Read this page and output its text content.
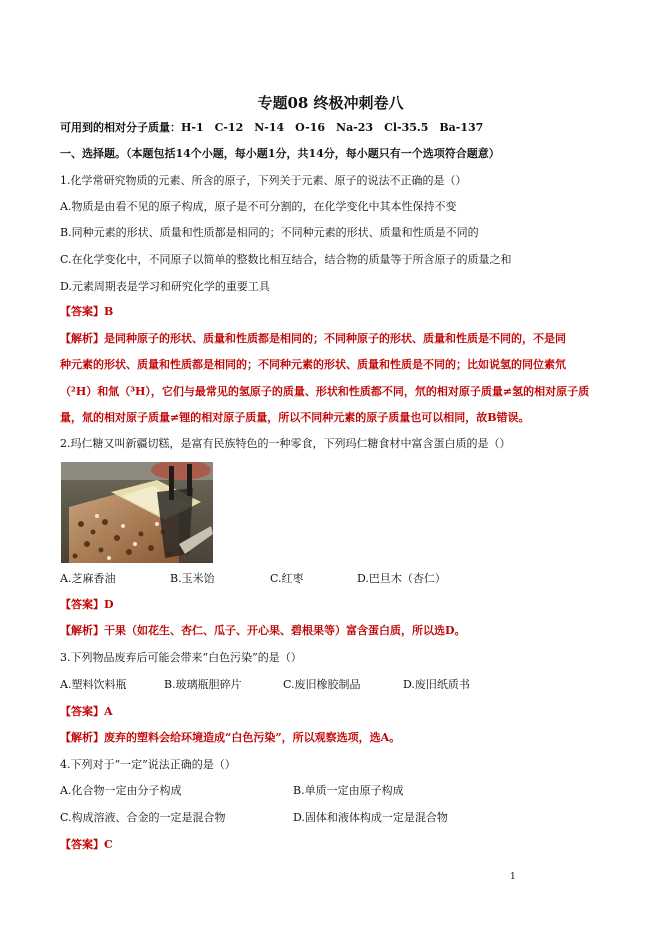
专题08 终极冲刺卷八
可用到的相对分子质量：H-1　C-12　N-14　O-16　Na-23　Cl-35.5　Ba-137
一、选择题。（本题包括14个小题，每小题1分，共14分，每小题只有一个选项符合题意）
1.化学常研究物质的元素、所含的原子，下列关于元素、原子的说法不正确的是（）
A.物质是由看不见的原子构成，原子是不可分割的，在化学变化中其本性保持不变
B.同种元素的形状、质量和性质都是相同的；不同种元素的形状、质量和性质是不同的
C.在化学变化中，不同原子以简单的整数比相互结合，结合物的质量等于所含原子的质量之和
D.元素周期表是学习和研究化学的重要工具
【答案】B
【解析】是同种原子的形状、质量和性质都是相同的；不同种原子的形状、质量和性质是不同的，不是同
种元素的形状、质量和性质都是相同的；不同种元素的形状、质量和性质是不同的；比如说氢的同位素氘
（²H）和氚（³H），它们与最常见的氢原子的质量、形状和性质都不同，氘的相对原子质量≠氢的相对原子质
量，氚的相对原子质量≠锂的相对原子质量，所以不同种元素的原子质量也可以相同，故B错误。
2.玛仁糖又叫新疆切糕，是富有民族特色的一种零食，下列玛仁糖食材中富含蛋白质的是（）
A.芝麻香油	B.玉米饴	C.红枣	D.巴旦木（杏仁）
【答案】D
【解析】干果（如花生、杏仁、瓜子、开心果、碧根果等）富含蛋白质，所以选D。
3.下列物品废弃后可能会带来“白色污染”的是（）
A.塑料饮料瓶	B.玻璃瓶胆碎片	C.废旧橡胶制品	D.废旧纸质书
【答案】A
【解析】废弃的塑料会给环境造成“白色污染”，所以观察选项，选A。
4.下列对于“一定”说法正确的是（）
A.化合物一定由分子构成	B.单质一定由原子构成
C.构成溶液、合金的一定是混合物	D.固体和液体构成一定是混合物
【答案】C
1
